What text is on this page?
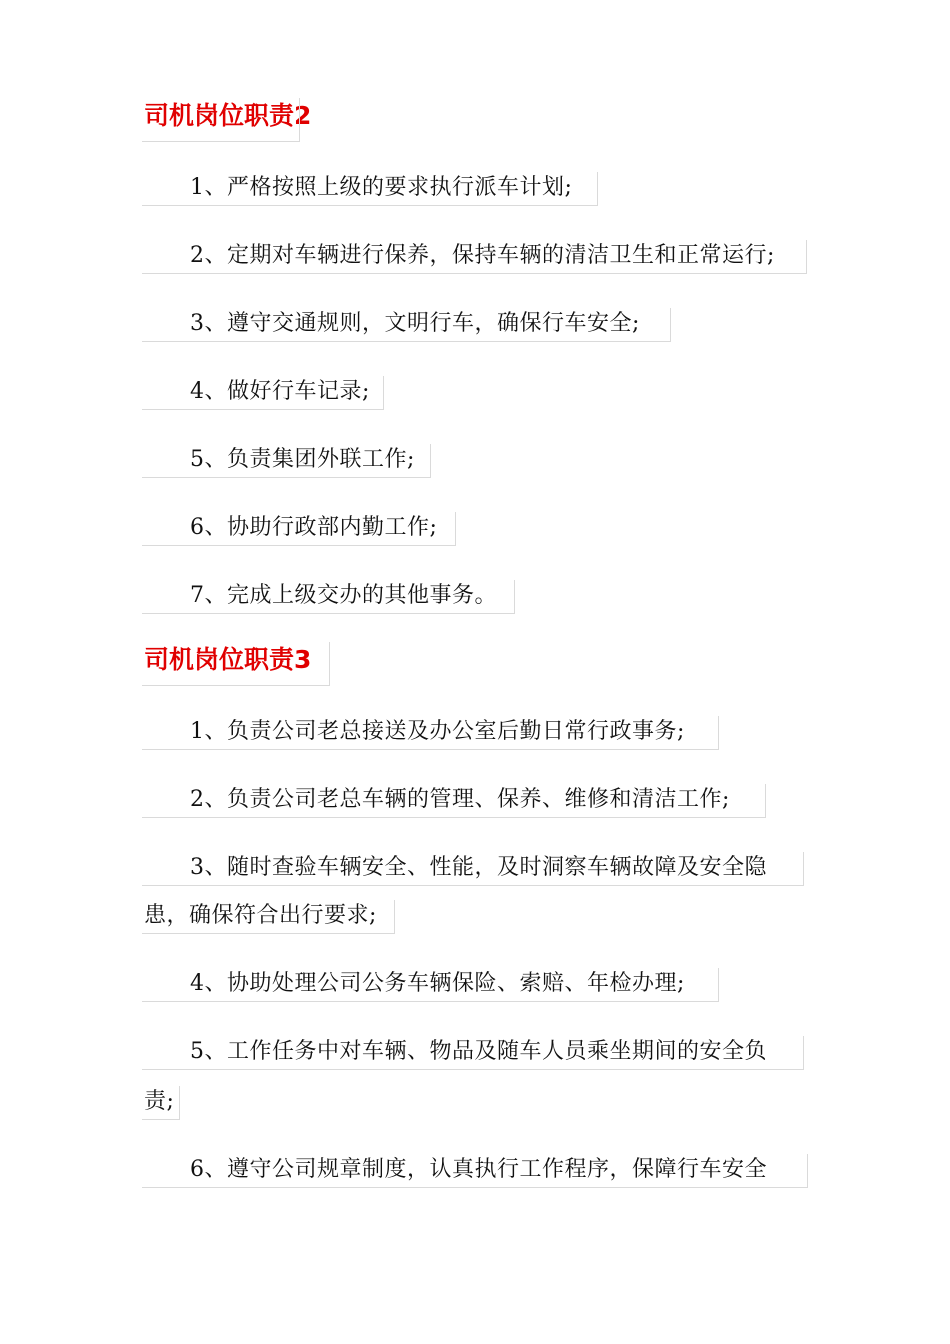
司机岗位职责2
1、严格按照上级的要求执行派车计划;
2、定期对车辆进行保养，保持车辆的清洁卫生和正常运行;
3、遵守交通规则，文明行车，确保行车安全;
4、做好行车记录;
5、负责集团外联工作;
6、协助行政部内勤工作;
7、完成上级交办的其他事务。
司机岗位职责3
1、负责公司老总接送及办公室后勤日常行政事务;
2、负责公司老总车辆的管理、保养、维修和清洁工作;
3、随时查验车辆安全、性能，及时洞察车辆故障及安全隐
患，确保符合出行要求;
4、协助处理公司公务车辆保险、索赔、年检办理;
5、工作任务中对车辆、物品及随车人员乘坐期间的安全负
责;
6、遵守公司规章制度，认真执行工作程序，保障行车安全
